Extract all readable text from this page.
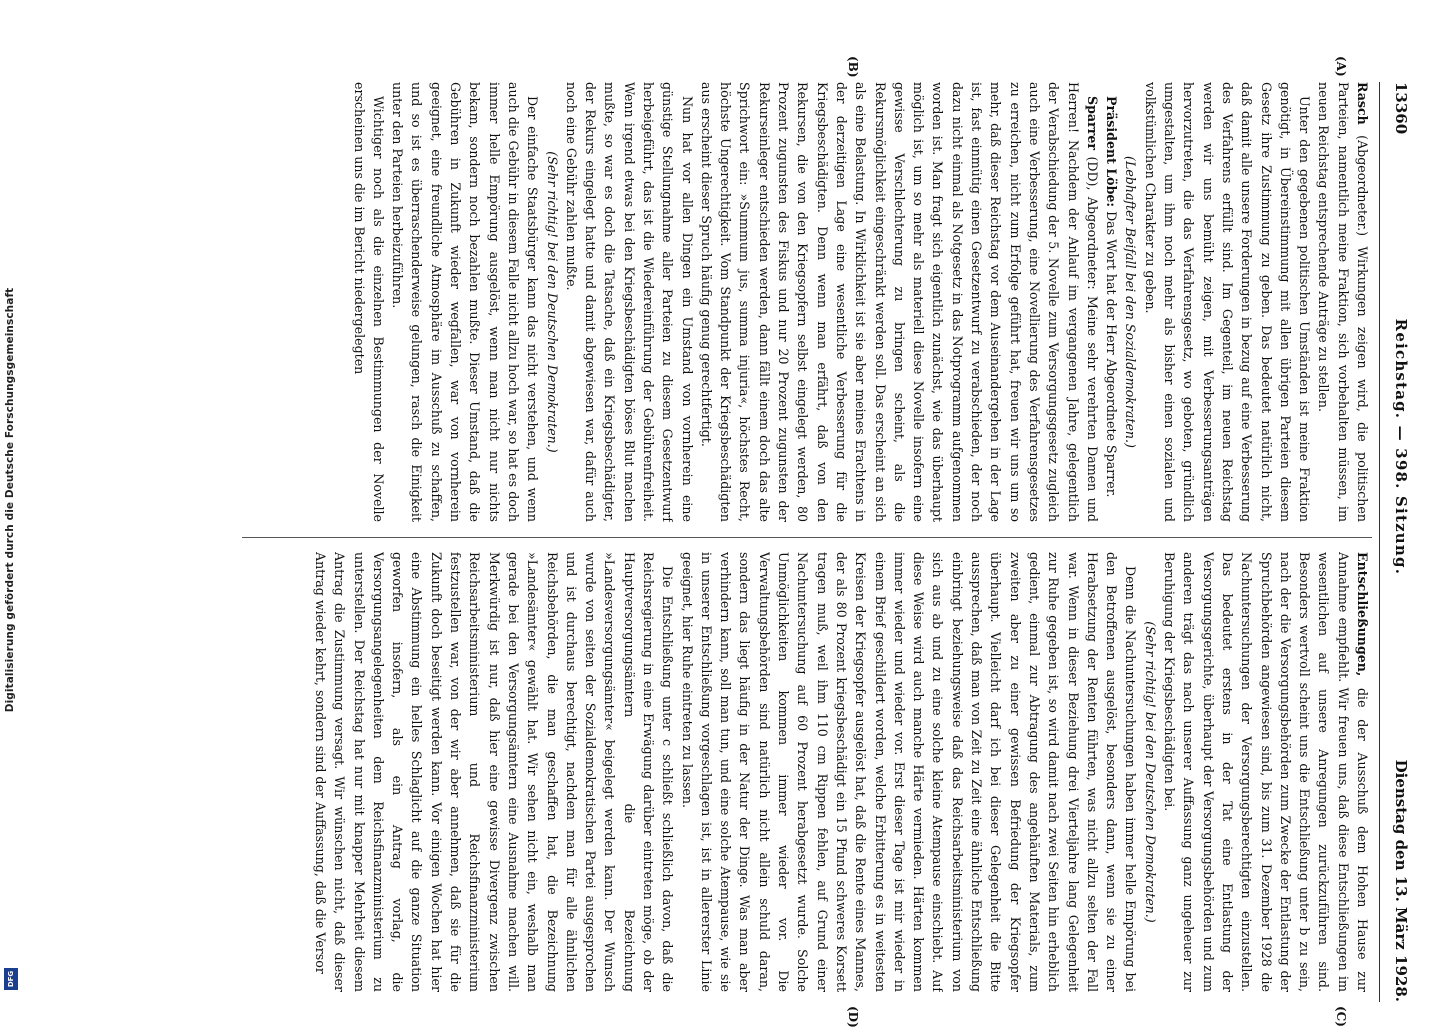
Digitalisierung gefördert durch die Deutsche Forschungsgemeinschaft
DFG
13360
Reichstag. — 398. Sitzung.
Dienstag den 13. März 1928.
(A)
(B)
(C)
(D)

Rasch (Abgeordneter.) Wirkungen zeigen wird, die politischen Parteien, namentlich meine Fraktion, sich vorbehalten müssen, im neuen Reichstag entsprechende Anträge zu stellen.

Unter den gegebenen politischen Umständen ist meine Fraktion genötigt, in Übereinstimmung mit allen übrigen Parteien diesem Gesetz ihre Zustimmung zu geben. Das bedeutet natürlich nicht, daß damit alle unsere Forderungen in bezug auf eine Verbesserung des Verfahrens erfüllt sind. Im Gegenteil, im neuen Reichstag werden wir uns bemüht zeigen, mit Verbesserungsanträgen hervorzutreten, die das Verfahrensgesetz, wo geboten, gründlich umgestalten, um ihm noch mehr als bisher einen sozialen und volkstümlichen Charakter zu geben.

(Lebhafter Beifall bei den Sozialdemokraten.)

Präsident Löbe: Das Wort hat der Herr Abgeordnete Sparrer.

Sparrer (DD), Abgeordneter: Meine sehr verehrten Damen und Herren! Nachdem der Anlauf im vergangenen Jahre, gelegentlich der Verabschiedung der 5. Novelle zum Versorgungsgesetz zugleich auch eine Verbesserung, eine Novellierung des Verfahrensgesetzes zu erreichen, nicht zum Erfolge geführt hat, freuen wir uns um so mehr, daß dieser Reichstag vor dem Auseinandergehen in der Lage ist, fast einmütig einen Gesetzentwurf zu verabschieden, der noch dazu nicht einmal als Notgesetz in das Notprogramm aufgenommen worden ist. Man fragt sich eigentlich zunächst, wie das überhaupt möglich ist, um so mehr als materiell diese Novelle insofern eine gewisse Verschlechterung zu bringen scheint, als die Rekursmöglichkeit eingeschränkt werden soll. Das erscheint an sich als eine Belastung. In Wirklichkeit ist sie aber meines Erachtens in der derzeitigen Lage eine wesentliche Verbesserung für die Kriegsbeschädigten. Denn wenn man erfährt, daß von den Rekursen, die von den Kriegsopfern selbst eingelegt werden, 80 Prozent zugunsten des Fiskus und nur 20 Prozent zugunsten der Rekurseinleger entschieden werden, dann fällt einem doch das alte Sprichwort ein: »Summum jus, summa injuria«, höchstes Recht, höchste Ungerechtigkeit. Vom Standpunkt der Kriegsbeschädigten aus erscheint dieser Spruch häufig genug gerechtfertigt.

Nun hat vor allen Dingen ein Umstand von vornherein eine günstige Stellungnahme aller Parteien zu diesem Gesetzentwurf herbeigeführt, das ist die Wiedereinführung der Gebührenfreiheit. Wenn irgend etwas bei den Kriegsbeschädigten böses Blut machen mußte, so war es doch die Tatsache, daß ein Kriegsbeschädigter, der Rekurs eingelegt hatte und damit abgewiesen war, dafür auch noch eine Gebühr zahlen mußte.

(Sehr richtig! bei den Deutschen Demokraten.)

Der einfache Staatsbürger kann das nicht verstehen, und wenn auch die Gebühr in diesem Falle nicht allzu hoch war, so hat es doch immer helle Empörung ausgelöst, wenn man nicht nur nichts bekam, sondern noch bezahlen mußte. Dieser Umstand, daß die Gebühren in Zukunft wieder wegfallen, war von vornherein geeignet, eine freundliche Atmosphäre im Ausschuß zu schaffen, und so ist es überraschenderweise gelungen, rasch die Einigkeit unter den Parteien herbeizuführen.

Wichtiger noch als die einzelnen Bestimmungen der Novelle erscheinen uns die im Bericht niedergelegten

Entschließungen, die der Ausschuß dem Hohen Hause zur Annahme empfiehlt. Wir freuen uns, daß diese Entschließungen im wesentlichen auf unsere Anregungen zurückzuführen sind. Besonders wertvoll scheint uns die Entschließung unter b zu sein, nach der die Versorgungsbehörden zum Zwecke der Entlastung der Spruchbehörden angewiesen sind, bis zum 31. Dezember 1928 die Nachuntersuchungen der Versorgungsberechtigten einzustellen. Das bedeutet erstens in der Tat eine Entlastung der Versorgungsgerichte, überhaupt der Versorgungsbehörden und zum anderen trägt das nach unserer Auffassung ganz ungeheuer zur Beruhigung der Kriegsbeschädigten bei.

(Sehr richtig! bei den Deutschen Demokraten.)

Denn die Nachuntersuchungen haben immer helle Empörung bei den Betroffenen ausgelöst, besonders dann, wenn sie zu einer Herabsetzung der Renten führten, was nicht allzu selten der Fall war. Wenn in dieser Beziehung drei Vierteljahre lang Gelegenheit zur Ruhe gegeben ist, so wird damit nach zwei Seiten hin erheblich gedient, einmal zur Abtragung des angehäuften Materials, zum zweiten aber zu einer gewissen Befriedung der Kriegsopfer überhaupt. Vielleicht darf ich bei dieser Gelegenheit die Bitte aussprechen, daß man von Zeit zu Zeit eine ähnliche Entschließung einbringt beziehungsweise daß das Reichsarbeitsministerium von sich aus ab und zu eine solche kleine Atempause einschiebt. Auf diese Weise wird auch manche Härte vermieden. Härten kommen immer wieder und wieder vor. Erst dieser Tage ist mir wieder in einem Brief geschildert worden, welche Erbitterung es in weitesten Kreisen der Kriegsopfer ausgelöst hat, daß die Rente eines Mannes, der als 80 Prozent kriegsbeschädigt ein 15 Pfund schweres Korsett tragen muß, weil ihm 110 cm Rippen fehlen, auf Grund einer Nachuntersuchung auf 60 Prozent herabgesetzt wurde. Solche Unmöglichkeiten kommen immer wieder vor. Die Verwaltungsbehörden sind natürlich nicht allein schuld daran, sondern das liegt häufig in der Natur der Dinge. Was man aber verhindern kann, soll man tun, und eine solche Atempause, wie sie in unserer Entschließung vorgeschlagen ist, ist in allererster Linie geeignet, hier Ruhe eintreten zu lassen.

Die Entschließung unter c schließt schließlich davon, daß die Reichsregierung in eine Erwägung darüber eintreten möge, ob der Hauptversorgungsämtern die Bezeichnung »Landesversorgungsämter« beigelegt werden kann. Der Wunsch wurde von seiten der Sozialdemokratischen Partei ausgesprochen und ist durchaus berechtigt, nachdem man für alle ähnlichen Reichsbehörden, die man geschaffen hat, die Bezeichnung »Landesämter« gewählt hat. Wir sehen nicht ein, weshalb man gerade bei den Versorgungsämtern eine Ausnahme machen will. Merkwürdig ist nur, daß hier eine gewisse Divergenz zwischen Reichsarbeitsministerium und Reichsfinanzministerium festzustellen war, von der wir aber annehmen, daß sie für die Zukunft doch beseitigt werden kann. Vor einigen Wochen hat hier eine Abstimmung ein helles Schlaglicht auf die ganze Situation geworfen insofern, als ein Antrag vorlag, die Versorgungsangelegenheiten dem Reichsfinanzministerium zu unterstellen. Der Reichstag hat nur mit knapper Mehrheit diesem Antrag die Zustimmung versagt. Wir wünschen nicht, daß dieser Antrag wieder kehrt, sondern sind der Auffassung, daß die Versor
